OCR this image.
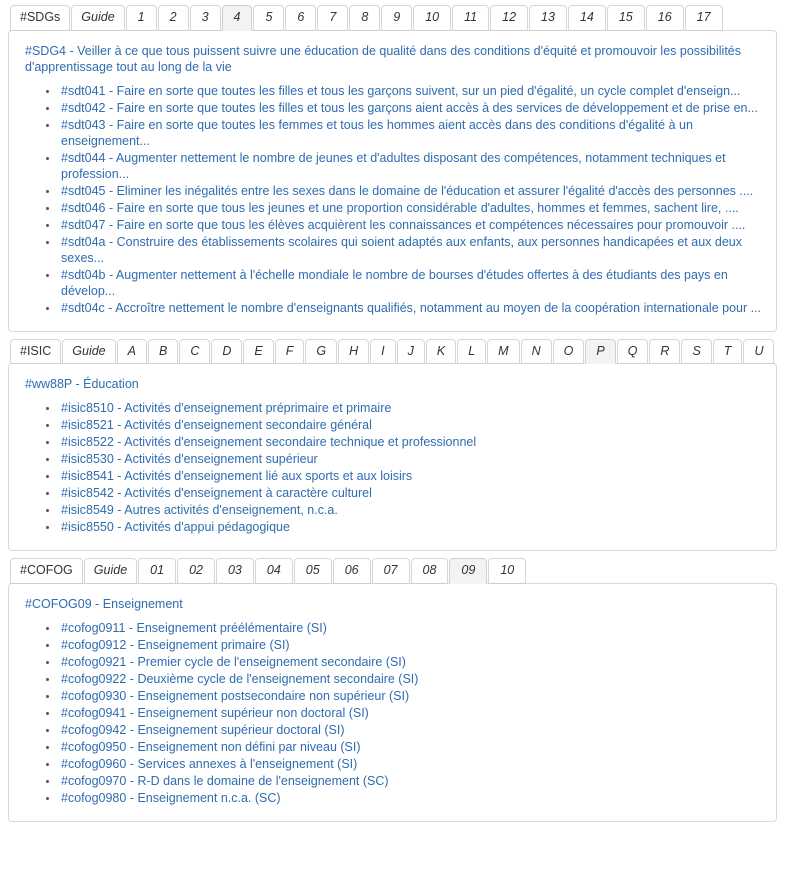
#SDGs	Guide	1	2	3	4	5	6	7	8	9	10	11	12	13	14	15	16	17
#SDG4 - Veiller à ce que tous puissent suivre une éducation de qualité dans des conditions d'équité et promouvoir les possibilités d'apprentissage tout au long de la vie
• #sdt041 - Faire en sorte que toutes les filles et tous les garçons suivent, sur un pied d'égalité, un cycle complet d'enseign...
• #sdt042 - Faire en sorte que toutes les filles et tous les garçons aient accès à des services de développement et de prise en...
• #sdt043 - Faire en sorte que toutes les femmes et tous les hommes aient accès dans des conditions d'égalité à un enseignement...
• #sdt044 - Augmenter nettement le nombre de jeunes et d'adultes disposant des compétences, notamment techniques et profession...
• #sdt045 - Eliminer les inégalités entre les sexes dans le domaine de l'éducation et assurer l'égalité d'accès des personnes ....
• #sdt046 - Faire en sorte que tous les jeunes et une proportion considérable d'adultes, hommes et femmes, sachent lire, ....
• #sdt047 - Faire en sorte que tous les élèves acquièrent les connaissances et compétences nécessaires pour promouvoir ....
• #sdt04a - Construire des établissements scolaires qui soient adaptés aux enfants, aux personnes handicapées et aux deux sexes...
• #sdt04b - Augmenter nettement à l'échelle mondiale le nombre de bourses d'études offertes à des étudiants des pays en dévelop...
• #sdt04c - Accroître nettement le nombre d'enseignants qualifiés, notamment au moyen de la coopération internationale pour ...
#ISIC	Guide	A	B	C	D	E	F	G	H	I	J	K	L	M	N	O	P	Q	R	S	T	U
#ww88P - Éducation
• #isic8510 - Activités d'enseignement préprimaire et primaire
• #isic8521 - Activités d'enseignement secondaire général
• #isic8522 - Activités d'enseignement secondaire technique et professionnel
• #isic8530 - Activités d'enseignement supérieur
• #isic8541 - Activités d'enseignement lié aux sports et aux loisirs
• #isic8542 - Activités d'enseignement à caractère culturel
• #isic8549 - Autres activités d'enseignement, n.c.a.
• #isic8550 - Activités d'appui pédagogique
#COFOG	Guide	01	02	03	04	05	06	07	08	09	10
#COFOG09 - Enseignement
• #cofog0911 - Enseignement préélémentaire (SI)
• #cofog0912 - Enseignement primaire (SI)
• #cofog0921 - Premier cycle de l'enseignement secondaire (SI)
• #cofog0922 - Deuxième cycle de l'enseignement secondaire (SI)
• #cofog0930 - Enseignement postsecondaire non supérieur (SI)
• #cofog0941 - Enseignement supérieur non doctoral (SI)
• #cofog0942 - Enseignement supérieur doctoral (SI)
• #cofog0950 - Enseignement non défini par niveau (SI)
• #cofog0960 - Services annexes à l'enseignement (SI)
• #cofog0970 - R-D dans le domaine de l'enseignement (SC)
• #cofog0980 - Enseignement n.c.a. (SC)
